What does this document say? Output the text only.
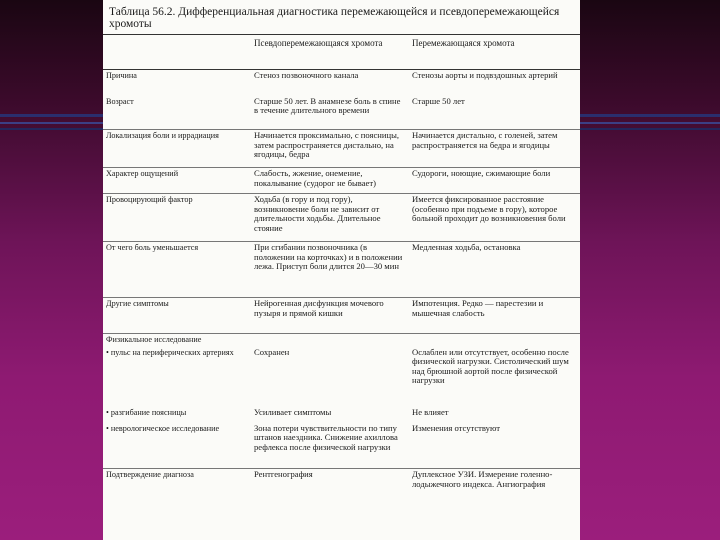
Таблица 56.2. Дифференциальная диагностика перемежающейся и псевдоперемежающейся хромоты
	Псевдоперемежающаяся хромота	Перемежающаяся хромота
Причина	Стеноз позвоночного канала	Стенозы аорты и подвздошных артерий
Возраст	Старше 50 лет. В анамнезе боль в спине в течение длительного времени	Старше 50 лет
Локализация боли и иррадиация	Начинается проксимально, с поясницы, затем распространяется дистально, на ягодицы, бедра	Начинается дистально, с голеней, затем распространяется на бедра и ягодицы
Характер ощущений	Слабость, жжение, онемение, покалывание (судорог не бывает)	Судороги, ноющие, сжимающие боли
Провоцирующий фактор	Ходьба (в гору и под гору), возникновение боли не зависит от длительности ходьбы. Длительное стояние	Имеется фиксированное расстояние (особенно при подъеме в гору), которое больной проходит до возникновения боли
От чего боль уменьшается	При сгибании позвоночника (в положении на корточках) и в положении лежа. Приступ боли длится 20—30 мин	Медленная ходьба, остановка
Другие симптомы	Нейрогенная дисфункция мочевого пузыря и прямой кишки	Импотенция. Редко — парестезии и мышечная слабость
Физикальное исследование		
• пульс на периферических артериях	Сохранен	Ослаблен или отсутствует, особенно после физической нагрузки. Систолический шум над брюшной аортой после физической нагрузки
• разгибание поясницы	Усиливает симптомы	Не влияет
• неврологическое исследование	Зона потери чувствительности по типу штанов наездника. Снижение ахиллова рефлекса после физической нагрузки	Изменения отсутствуют
Подтверждение диагноза	Рентгенография	Дуплексное УЗИ. Измерение голенно-лодыжечного индекса. Ангиография
